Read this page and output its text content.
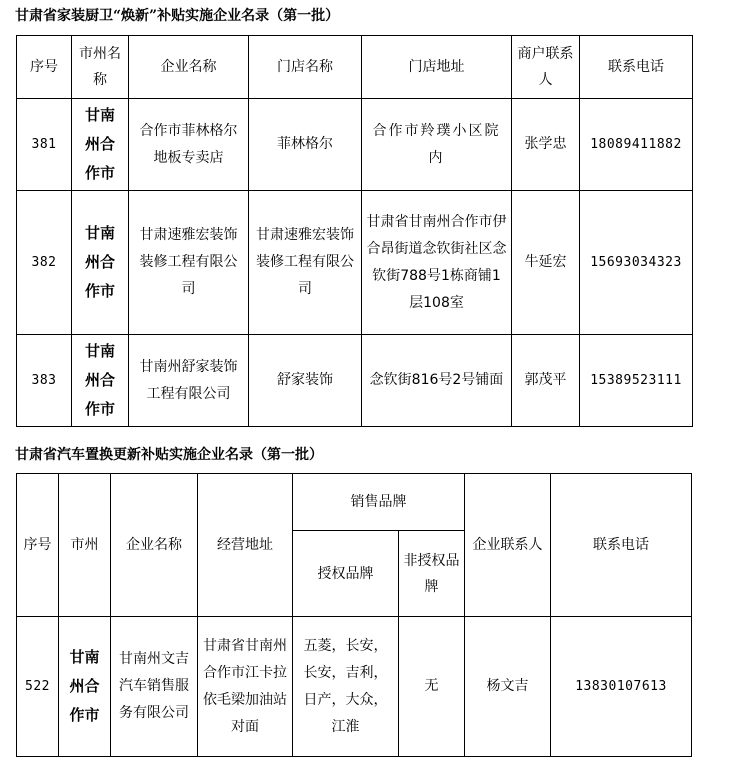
甘肃省家装厨卫“焕新”补贴实施企业名录（第一批）
序号	市州名称	企业名称	门店名称	门店地址	商户联系人	联系电话
381	甘南州合作市	合作市菲林格尔地板专卖店	菲林格尔	合作市羚璞小区院内	张学忠	18089411882
382	甘南州合作市	甘肃速雅宏装饰装修工程有限公司	甘肃速雅宏装饰装修工程有限公司	甘肃省甘南州合作市伊合昂街道念钦街社区念钦街788号1栋商铺1层108室	牛延宏	15693034323
383	甘南州合作市	甘南州舒家装饰工程有限公司	舒家装饰	念钦街816号2号铺面	郭茂平	15389523111
甘肃省汽车置换更新补贴实施企业名录（第一批）
序号	市州	企业名称	经营地址	销售品牌		企业联系人	联系电话
				授权品牌	非授权品牌		
522	甘南州合作市	甘南州文吉汽车销售服务有限公司	甘肃省甘南州合作市江卡拉依毛梁加油站对面	五菱，长安，长安，吉利，日产，大众，江淮	无	杨文吉	13830107613
